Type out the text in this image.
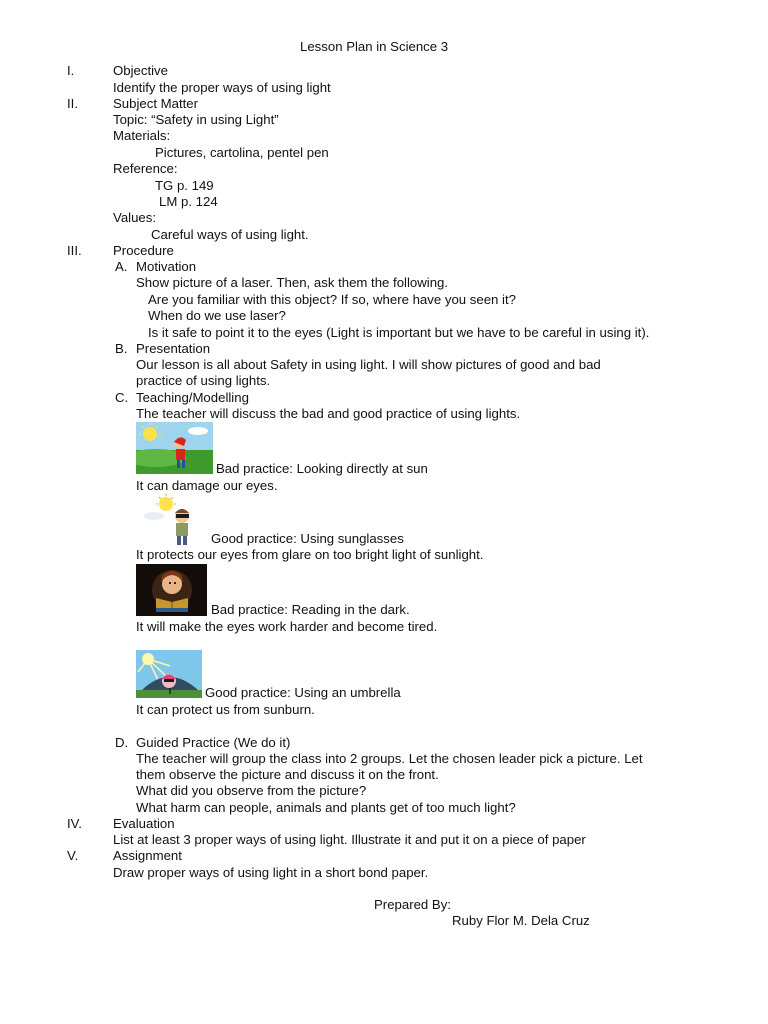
Lesson Plan in Science 3
I.	Objective
Identify the proper ways of using light
II.	Subject Matter
Topic: “Safety in using Light”
Materials:
Pictures, cartolina, pentel pen
Reference:
TG p. 149
LM p. 124
Values:
Careful ways of using light.
III. Procedure
A. Motivation
Show picture of a laser. Then, ask them the following.
Are you familiar with this object? If so, where have you seen it?
When do we use laser?
Is it safe to point it to the eyes (Light is important but we have to be careful in using it).
B. Presentation
Our lesson is all about Safety in using light. I will show pictures of good and bad
practice of using lights.
C. Teaching/Modelling
The teacher will discuss the bad and good practice of using lights.
Bad practice: Looking directly at sun
It can damage our eyes.
Good practice: Using sunglasses
It protects our eyes from glare on too bright light of sunlight.
Bad practice: Reading in the dark.
It will make the eyes work harder and become tired.
Good practice: Using an umbrella
It can protect us from sunburn.
D. Guided Practice (We do it)
The teacher will group the class into 2 groups. Let the chosen leader pick a picture. Let
them observe the picture and discuss it on the front.
What did you observe from the picture?
What harm can people, animals and plants get of too much light?
IV. Evaluation
List at least 3 proper ways of using light. Illustrate it and put it on a piece of paper
V.	Assignment
Draw proper ways of using light in a short bond paper.
Prepared By:
Ruby Flor M. Dela Cruz
